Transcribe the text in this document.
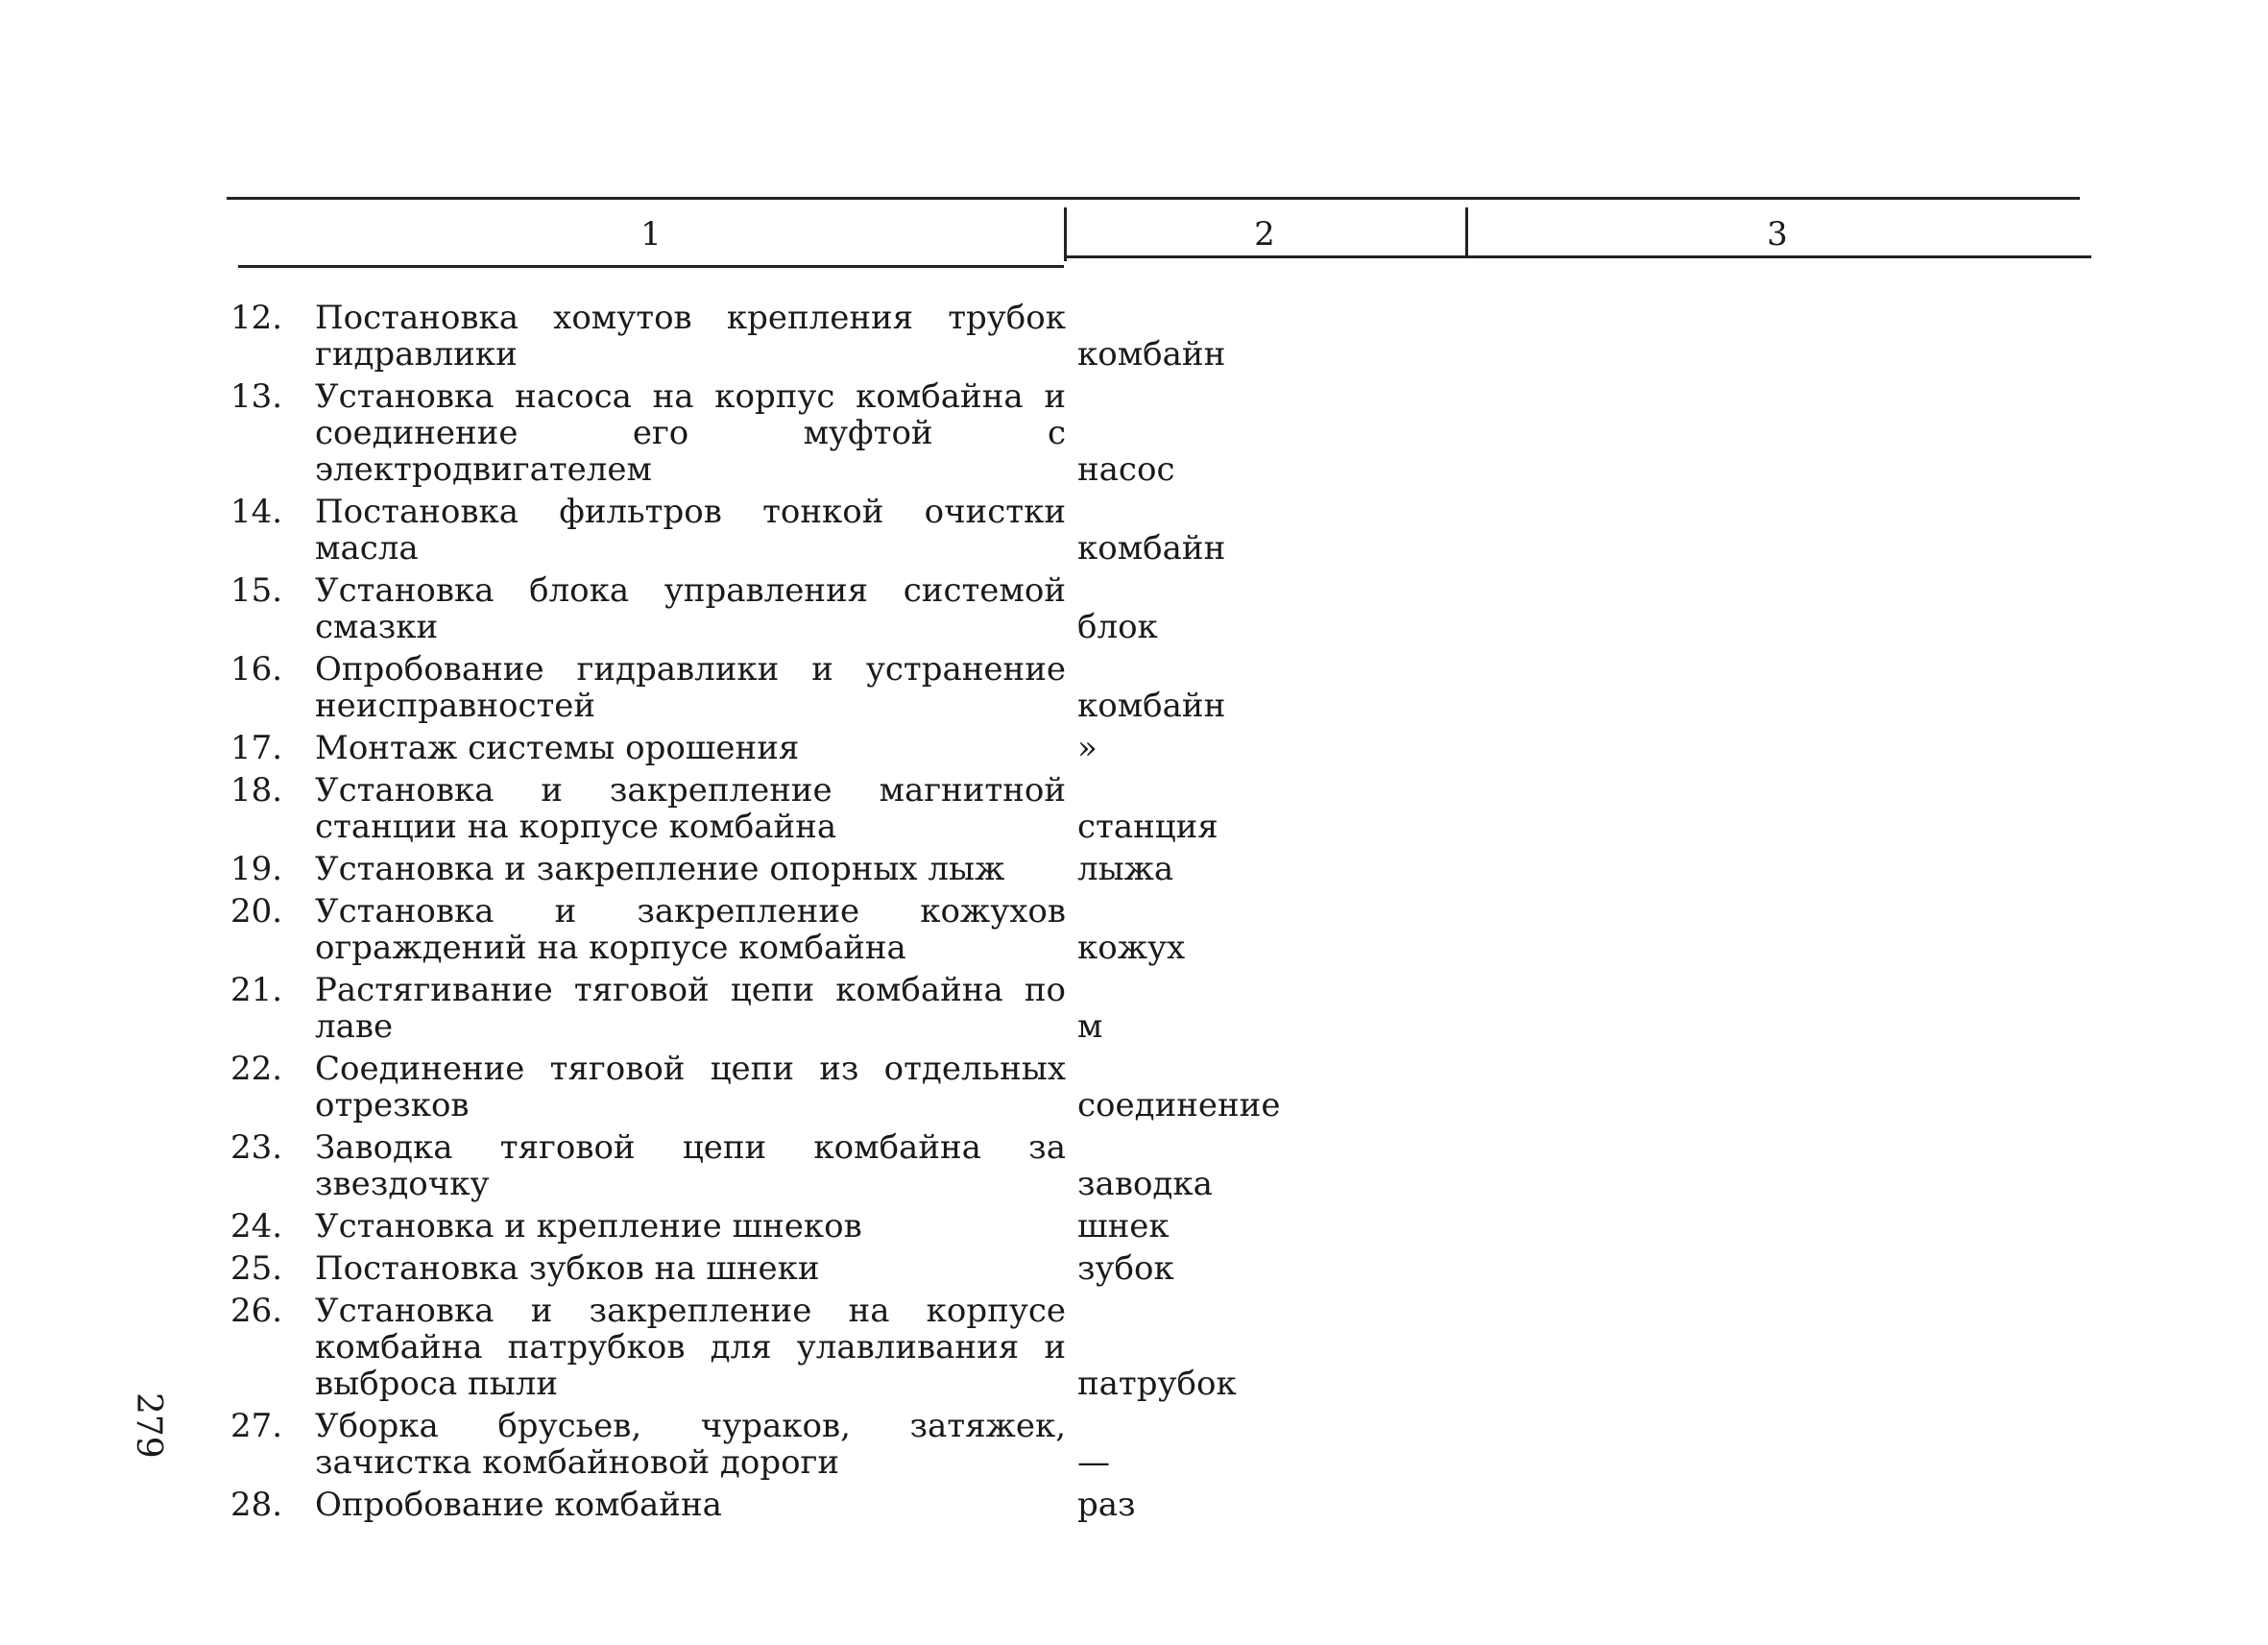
1	2	3
12. Постановка хомутов крепления трубок гидравлики	комбайн
13. Установка насоса на корпус комбайна и соединение его муфтой с электродвигателем	насос
14. Постановка фильтров тонкой очистки масла	комбайн
15. Установка блока управления системой смазки	блок
16. Опробование гидравлики и устранение неисправностей	комбайн
17. Монтаж системы орошения	»
18. Установка и закрепление магнитной станции на корпусе комбайна	станция
19. Установка и закрепление опорных лыж	лыжа
20. Установка и закрепление кожухов ограждений на корпусе комбайна	кожух
21. Растягивание тяговой цепи комбайна по лаве	м
22. Соединение тяговой цепи из отдельных отрезков	соединение
23. Заводка тяговой цепи комбайна за звездочку	заводка
24. Установка и крепление шнеков	шнек
25. Постановка зубков на шнеки	зубок
26. Установка и закрепление на корпусе комбайна патрубков для улавливания и выброса пыли	патрубок
27. Уборка брусьев, чураков, затяжек, зачистка комбайновой дороги	—
28. Опробование комбайна	раз
279
